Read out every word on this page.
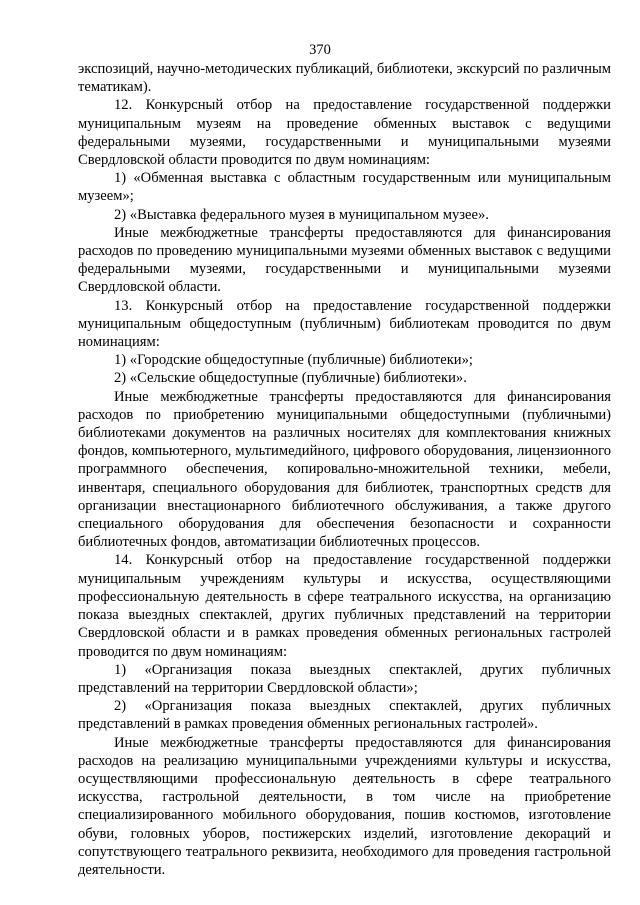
370

экспозиций, научно-методических публикаций, библиотеки, экскурсий по различным тематикам).

12. Конкурсный отбор на предоставление государственной поддержки муниципальным музеям на проведение обменных выставок с ведущими федеральными музеями, государственными и муниципальными музеями Свердловской области проводится по двум номинациям:

1) «Обменная выставка с областным государственным или муниципальным музеем»;

2) «Выставка федерального музея в муниципальном музее».

Иные межбюджетные трансферты предоставляются для финансирования расходов по проведению муниципальными музеями обменных выставок с ведущими федеральными музеями, государственными и муниципальными музеями Свердловской области.

13. Конкурсный отбор на предоставление государственной поддержки муниципальным общедоступным (публичным) библиотекам проводится по двум номинациям:

1) «Городские общедоступные (публичные) библиотеки»;

2) «Сельские общедоступные (публичные) библиотеки».

Иные межбюджетные трансферты предоставляются для финансирования расходов по приобретению муниципальными общедоступными (публичными) библиотеками документов на различных носителях для комплектования книжных фондов, компьютерного, мультимедийного, цифрового оборудования, лицензионного программного обеспечения, копировально-множительной техники, мебели, инвентаря, специального оборудования для библиотек, транспортных средств для организации внестационарного библиотечного обслуживания, а также другого специального оборудования для обеспечения безопасности и сохранности библиотечных фондов, автоматизации библиотечных процессов.

14. Конкурсный отбор на предоставление государственной поддержки муниципальным учреждениям культуры и искусства, осуществляющими профессиональную деятельность в сфере театрального искусства, на организацию показа выездных спектаклей, других публичных представлений на территории Свердловской области и в рамках проведения обменных региональных гастролей проводится по двум номинациям:

1) «Организация показа выездных спектаклей, других публичных представлений на территории Свердловской области»;

2) «Организация показа выездных спектаклей, других публичных представлений в рамках проведения обменных региональных гастролей».

Иные межбюджетные трансферты предоставляются для финансирования расходов на реализацию муниципальными учреждениями культуры и искусства, осуществляющими профессиональную деятельность в сфере театрального искусства, гастрольной деятельности, в том числе на приобретение специализированного мобильного оборудования, пошив костюмов, изготовление обуви, головных уборов, постижерских изделий, изготовление декораций и сопутствующего театрального реквизита, необходимого для проведения гастрольной деятельности.
